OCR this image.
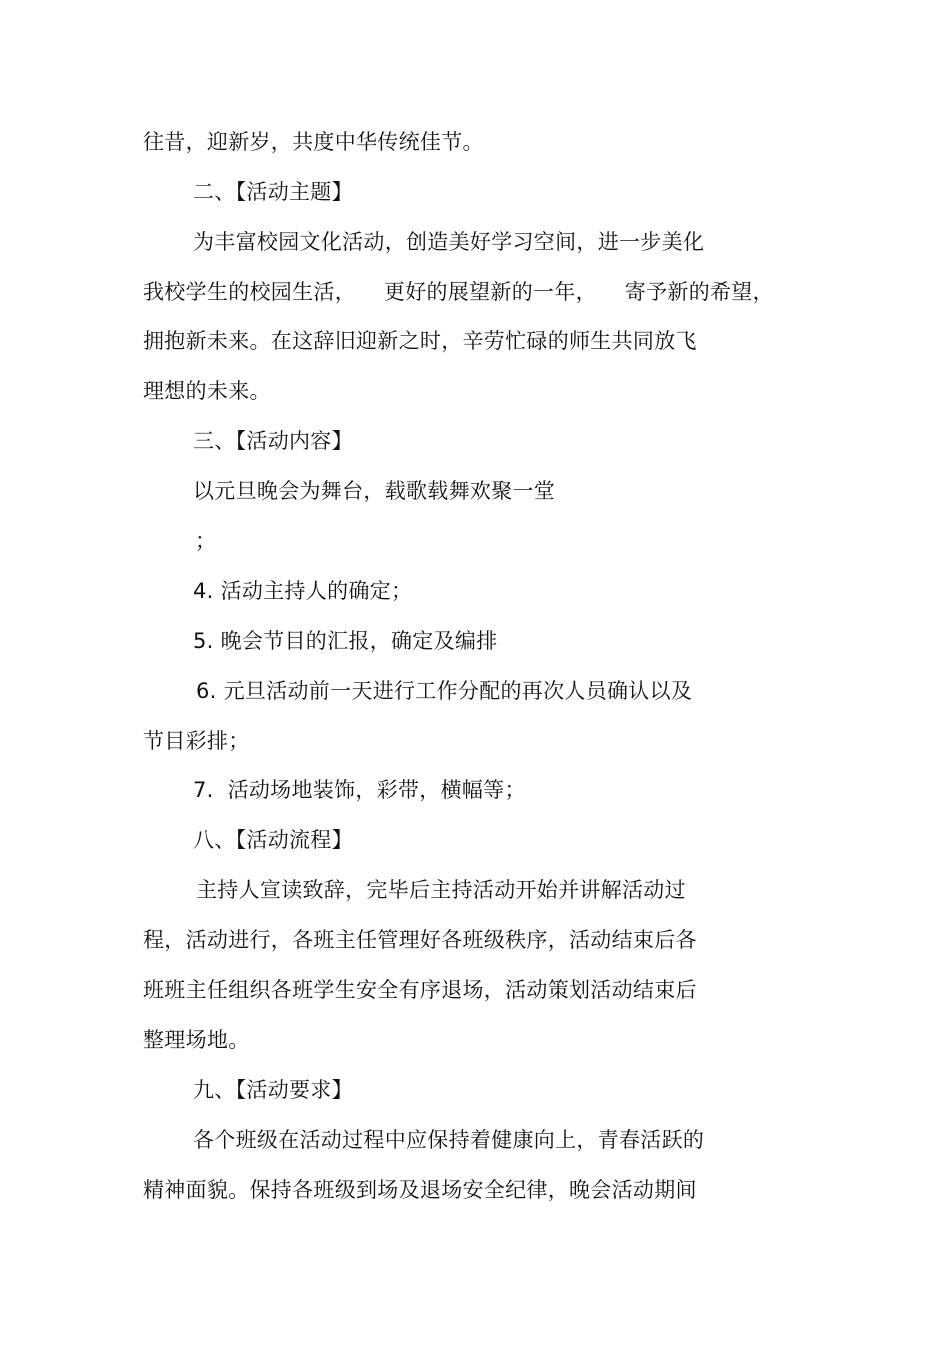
往昔，迎新岁，共度中华传统佳节。
二、【活动主题】
为丰富校园文化活动，创造美好学习空间，进一步美化
我校学生的校园生活，    更好的展望新的一年，    寄予新的希望，
拥抱新未来。在这辞旧迎新之时，辛劳忙碌的师生共同放飞
理想的未来。
三、【活动内容】
以元旦晚会为舞台，载歌载舞欢聚一堂
；
4. 活动主持人的确定；
5. 晚会节目的汇报，确定及编排
6. 元旦活动前一天进行工作分配的再次人员确认以及
节目彩排；
7.  活动场地装饰，彩带，横幅等；
八、【活动流程】
主持人宣读致辞，完毕后主持活动开始并讲解活动过
程，活动进行，各班主任管理好各班级秩序，活动结束后各
班班主任组织各班学生安全有序退场，活动策划活动结束后
整理场地。
九、【活动要求】
各个班级在活动过程中应保持着健康向上，青春活跃的
精神面貌。保持各班级到场及退场安全纪律，晚会活动期间
